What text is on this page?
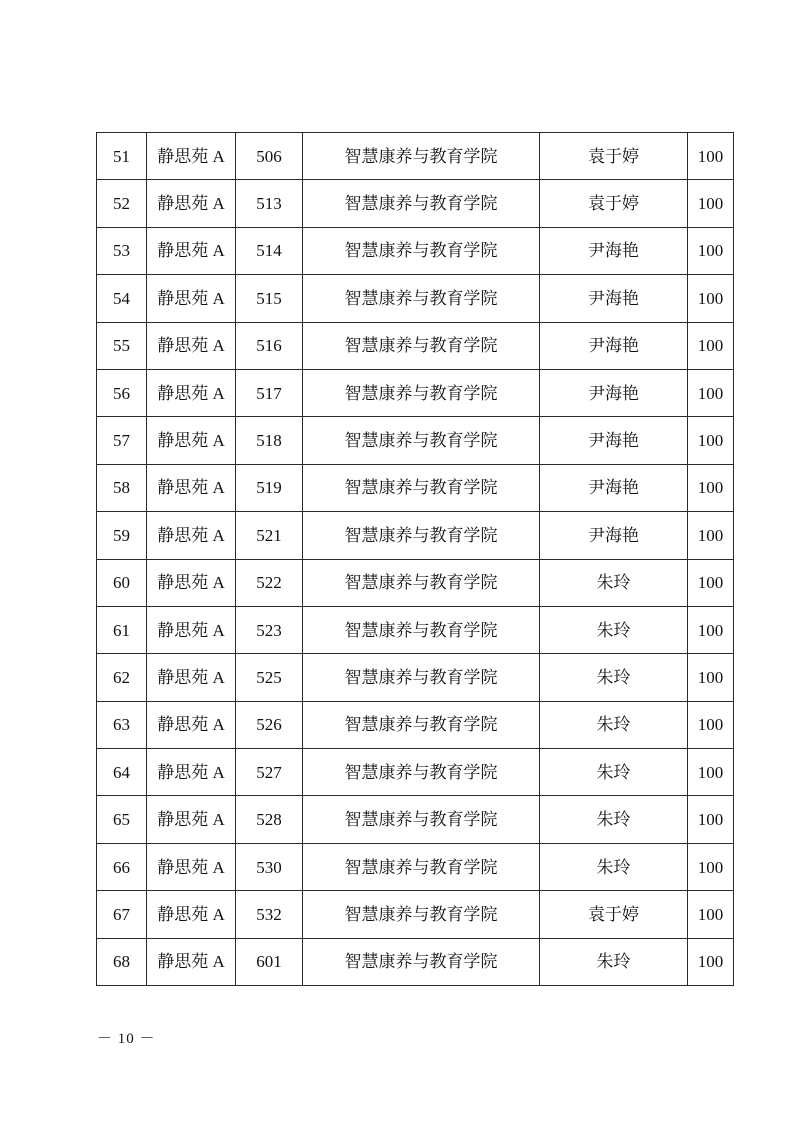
51	静思苑 A	506	智慧康养与教育学院	袁于婷	100
52	静思苑 A	513	智慧康养与教育学院	袁于婷	100
53	静思苑 A	514	智慧康养与教育学院	尹海艳	100
54	静思苑 A	515	智慧康养与教育学院	尹海艳	100
55	静思苑 A	516	智慧康养与教育学院	尹海艳	100
56	静思苑 A	517	智慧康养与教育学院	尹海艳	100
57	静思苑 A	518	智慧康养与教育学院	尹海艳	100
58	静思苑 A	519	智慧康养与教育学院	尹海艳	100
59	静思苑 A	521	智慧康养与教育学院	尹海艳	100
60	静思苑 A	522	智慧康养与教育学院	朱玲	100
61	静思苑 A	523	智慧康养与教育学院	朱玲	100
62	静思苑 A	525	智慧康养与教育学院	朱玲	100
63	静思苑 A	526	智慧康养与教育学院	朱玲	100
64	静思苑 A	527	智慧康养与教育学院	朱玲	100
65	静思苑 A	528	智慧康养与教育学院	朱玲	100
66	静思苑 A	530	智慧康养与教育学院	朱玲	100
67	静思苑 A	532	智慧康养与教育学院	袁于婷	100
68	静思苑 A	601	智慧康养与教育学院	朱玲	100
－ 10 －
